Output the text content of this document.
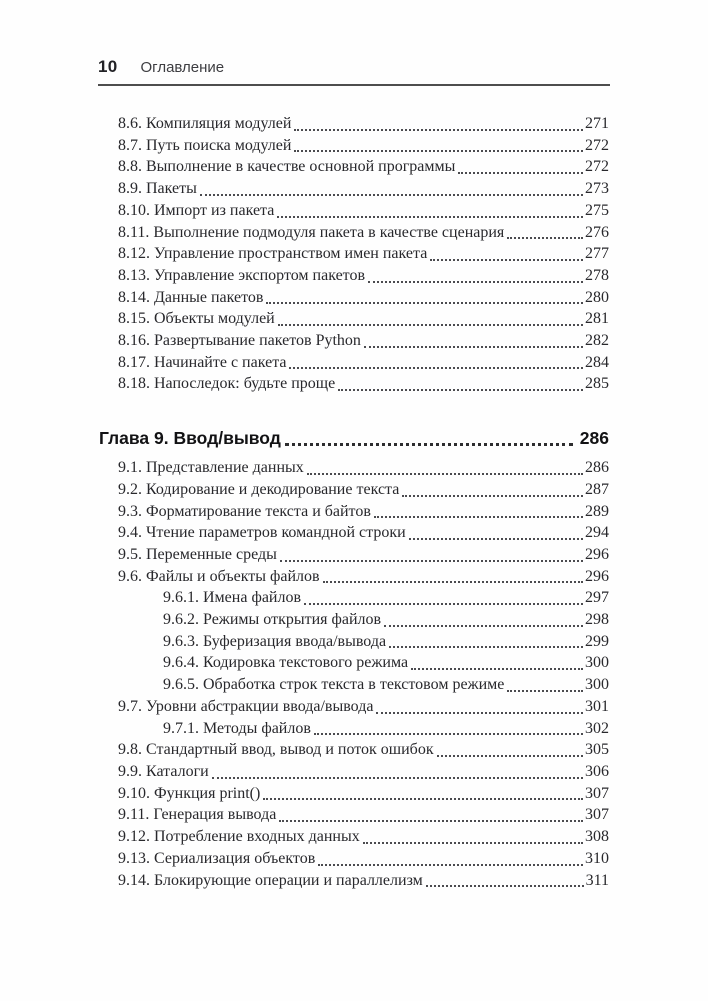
10 Оглавление
8.6. Компиляция модулей	271
8.7. Путь поиска модулей	272
8.8. Выполнение в качестве основной программы	272
8.9. Пакеты	273
8.10. Импорт из пакета	275
8.11. Выполнение подмодуля пакета в качестве сценария	276
8.12. Управление пространством имен пакета	277
8.13. Управление экспортом пакетов	278
8.14. Данные пакетов	280
8.15. Объекты модулей	281
8.16. Развертывание пакетов Python	282
8.17. Начинайте с пакета	284
8.18. Напоследок: будьте проще	285
Глава 9. Ввод/вывод	286
9.1. Представление данных	286
9.2. Кодирование и декодирование текста	287
9.3. Форматирование текста и байтов	289
9.4. Чтение параметров командной строки	294
9.5. Переменные среды	296
9.6. Файлы и объекты файлов	296
9.6.1. Имена файлов	297
9.6.2. Режимы открытия файлов	298
9.6.3. Буферизация ввода/вывода	299
9.6.4. Кодировка текстового режима	300
9.6.5. Обработка строк текста в текстовом режиме	300
9.7. Уровни абстракции ввода/вывода	301
9.7.1. Методы файлов	302
9.8. Стандартный ввод, вывод и поток ошибок	305
9.9. Каталоги	306
9.10. Функция print()	307
9.11. Генерация вывода	307
9.12. Потребление входных данных	308
9.13. Сериализация объектов	310
9.14. Блокирующие операции и параллелизм	311
